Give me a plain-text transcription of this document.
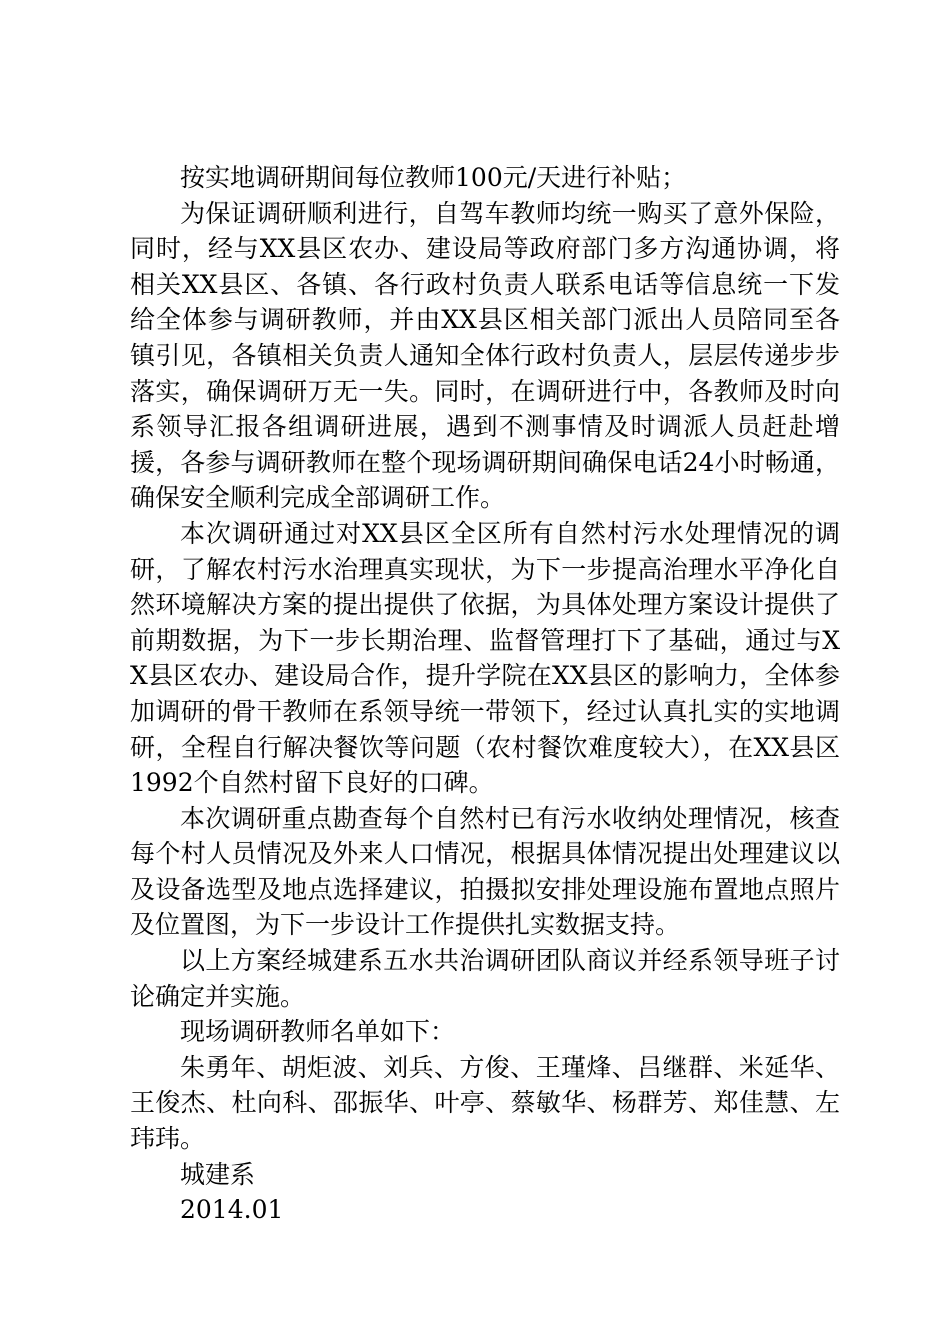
按实地调研期间每位教师100元/天进行补贴；

为保证调研顺利进行，自驾车教师均统一购买了意外保险，同时，经与XX县区农办、建设局等政府部门多方沟通协调，将相关XX县区、各镇、各行政村负责人联系电话等信息统一下发给全体参与调研教师，并由XX县区相关部门派出人员陪同至各镇引见，各镇相关负责人通知全体行政村负责人，层层传递步步落实，确保调研万无一失。同时，在调研进行中，各教师及时向系领导汇报各组调研进展，遇到不测事情及时调派人员赶赴增援，各参与调研教师在整个现场调研期间确保电话24小时畅通，确保安全顺利完成全部调研工作。

本次调研通过对XX县区全区所有自然村污水处理情况的调研，了解农村污水治理真实现状，为下一步提高治理水平净化自然环境解决方案的提出提供了依据，为具体处理方案设计提供了前期数据，为下一步长期治理、监督管理打下了基础，通过与XX县区农办、建设局合作，提升学院在XX县区的影响力，全体参加调研的骨干教师在系领导统一带领下，经过认真扎实的实地调研，全程自行解决餐饮等问题（农村餐饮难度较大），在XX县区1992个自然村留下良好的口碑。

本次调研重点勘查每个自然村已有污水收纳处理情况，核查每个村人员情况及外来人口情况，根据具体情况提出处理建议以及设备选型及地点选择建议，拍摄拟安排处理设施布置地点照片及位置图，为下一步设计工作提供扎实数据支持。

以上方案经城建系五水共治调研团队商议并经系领导班子讨论确定并实施。

现场调研教师名单如下：

朱勇年、胡炬波、刘兵、方俊、王瑾烽、吕继群、米延华、王俊杰、杜向科、邵振华、叶亭、蔡敏华、杨群芳、郑佳慧、左玮玮。

城建系

2014.01
